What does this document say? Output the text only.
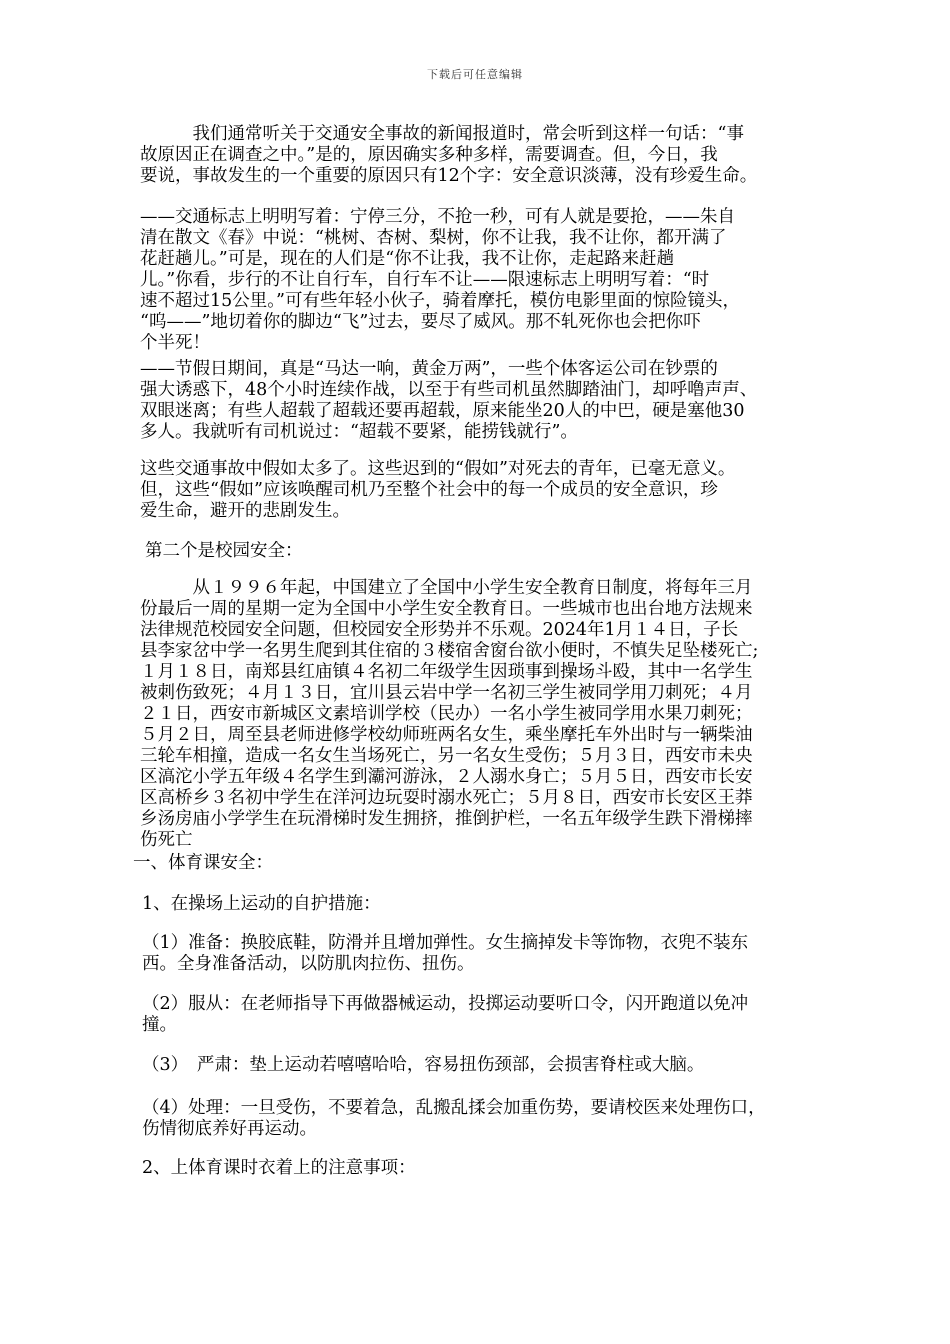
下载后可任意编辑

　　　我们通常听关于交通安全事故的新闻报道时，常会听到这样一句话：“事
故原因正在调查之中。”是的，原因确实多种多样，需要调查。但，今日，我
要说，事故发生的一个重要的原因只有12个字：安全意识淡薄，没有珍爱生命。

——交通标志上明明写着：宁停三分，不抢一秒，可有人就是要抢，——朱自
清在散文《春》中说：“桃树、杏树、梨树，你不让我，我不让你，都开满了
花赶趟儿。”可是，现在的人们是“你不让我，我不让你，走起路来赶趟
儿。”你看，步行的不让自行车，自行车不让——限速标志上明明写着：“时
速不超过15公里。”可有些年轻小伙子，骑着摩托，模仿电影里面的惊险镜头，
“呜——”地切着你的脚边“飞”过去，要尽了威风。那不轧死你也会把你吓
个半死！

——节假日期间，真是“马达一响，黄金万两”，一些个体客运公司在钞票的
强大诱惑下，48个小时连续作战，以至于有些司机虽然脚踏油门，却呼噜声声、
双眼迷离；有些人超载了超载还要再超载，原来能坐20人的中巴，硬是塞他30
多人。我就听有司机说过：“超载不要紧，能捞钱就行”。

这些交通事故中假如太多了。这些迟到的“假如”对死去的青年，已毫无意义。
但，这些“假如”应该唤醒司机乃至整个社会中的每一个成员的安全意识，珍
爱生命，避开的悲剧发生。

第二个是校园安全：

　　　从１９９６年起，中国建立了全国中小学生安全教育日制度，将每年三月
份最后一周的星期一定为全国中小学生安全教育日。一些城市也出台地方法规来
法律规范校园安全问题，但校园安全形势并不乐观。2024年1月１４日，子长
县李家岔中学一名男生爬到其住宿的３楼宿舍窗台欲小便时，不慎失足坠楼死亡;
１月１８日，南郑县红庙镇４名初二年级学生因琐事到操场斗殴，其中一名学生
被刺伤致死；４月１３日，宜川县云岩中学一名初三学生被同学用刀刺死；４月
２１日，西安市新城区文素培训学校（民办）一名小学生被同学用水果刀刺死；
５月２日，周至县老师进修学校幼师班两名女生，乘坐摩托车外出时与一辆柴油
三轮车相撞，造成一名女生当场死亡，另一名女生受伤；５月３日，西安市未央
区滈沱小学五年级４名学生到灞河游泳，２人溺水身亡；５月５日，西安市长安
区高桥乡３名初中学生在洋河边玩耍时溺水死亡；５月８日，西安市长安区王莽
乡汤房庙小学学生在玩滑梯时发生拥挤，推倒护栏，一名五年级学生跌下滑梯摔
伤死亡

一、体育课安全：

1、在操场上运动的自护措施：

（1）准备：换胶底鞋，防滑并且增加弹性。女生摘掉发卡等饰物，衣兜不装东
西。全身准备活动，以防肌肉拉伤、扭伤。

（2）服从：在老师指导下再做器械运动，投掷运动要听口令，闪开跑道以免冲
撞。

（3）　严肃：垫上运动若嘻嘻哈哈，容易扭伤颈部，会损害脊柱或大脑。

（4）处理：一旦受伤，不要着急，乱搬乱揉会加重伤势，要请校医来处理伤口，
伤情彻底养好再运动。

2、上体育课时衣着上的注意事项：
